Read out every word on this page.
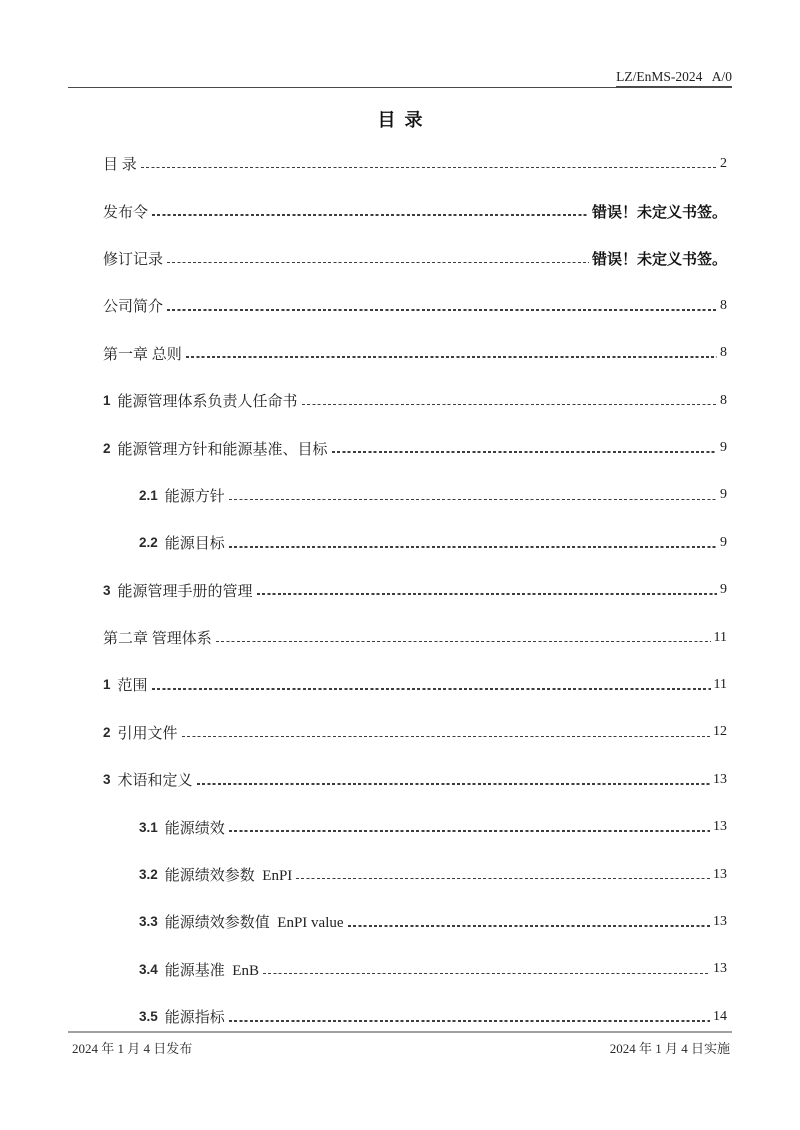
LZ/EnMS-2024   A/0
目  录
目 录	2
发布令	错误！未定义书签。
修订记录	错误！未定义书签。
公司简介	8
第一章 总则	8
1 能源管理体系负责人任命书	8
2 能源管理方针和能源基准、目标	9
2.1 能源方针	9
2.2 能源目标	9
3 能源管理手册的管理	9
第二章 管理体系	11
1 范围	11
2 引用文件	12
3 术语和定义	13
3.1 能源绩效	13
3.2 能源绩效参数  EnPI	13
3.3 能源绩效参数值  EnPI value	13
3.4 能源基准  EnB	13
3.5 能源指标	14
2024 年 1 月 4 日发布	2024 年 1 月 4 日实施
